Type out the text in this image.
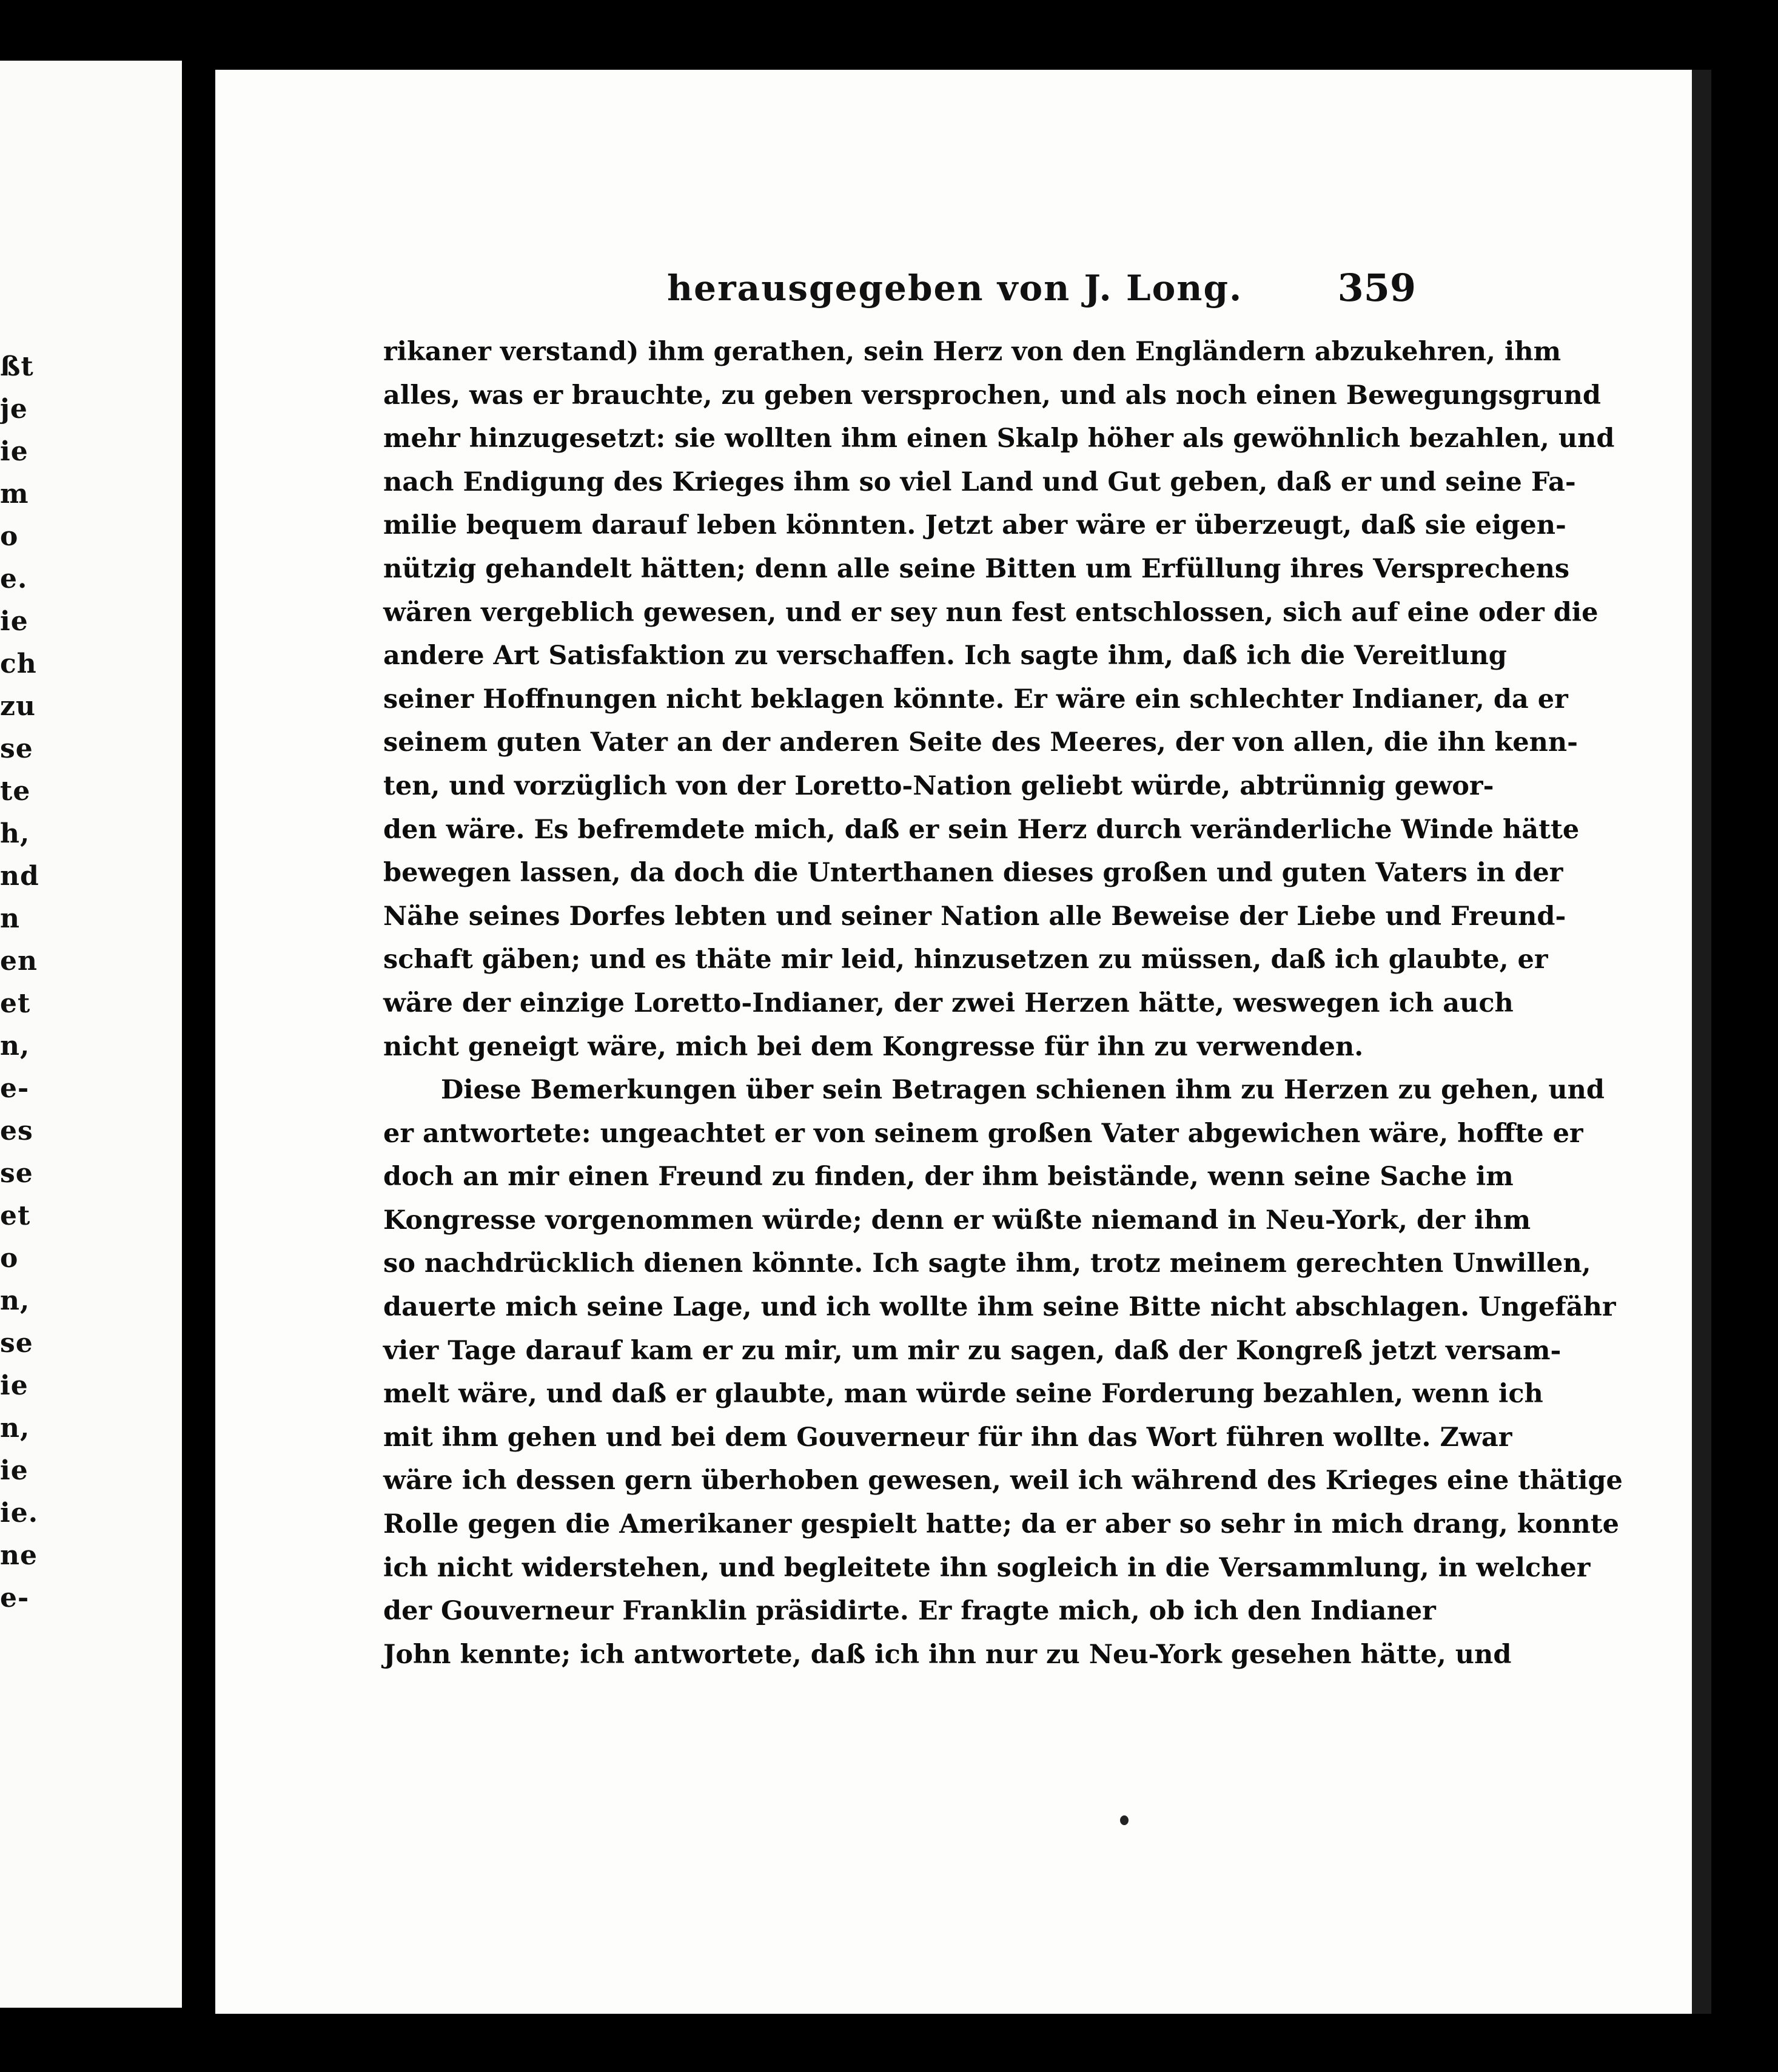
ßt
je
ie
m
o
e.
ie
ch
zu
se
te
h,
nd
n
en
et
n,
e-
es
se
et
o
n,
se
ie
n,
ie
ie.
ne
e-
herausgegeben von J. Long.	359
rikaner verstand) ihm gerathen, sein Herz von den Engländern abzukehren, ihm
alles, was er brauchte, zu geben versprochen, und als noch einen Bewegungsgrund
mehr hinzugesetzt: sie wollten ihm einen Skalp höher als gewöhnlich bezahlen, und
nach Endigung des Krieges ihm so viel Land und Gut geben, daß er und seine Fa-
milie bequem darauf leben könnten. Jetzt aber wäre er überzeugt, daß sie eigen-
nützig gehandelt hätten; denn alle seine Bitten um Erfüllung ihres Versprechens
wären vergeblich gewesen, und er sey nun fest entschlossen, sich auf eine oder die
andere Art Satisfaktion zu verschaffen. Ich sagte ihm, daß ich die Vereitlung
seiner Hoffnungen nicht beklagen könnte. Er wäre ein schlechter Indianer, da er
seinem guten Vater an der anderen Seite des Meeres, der von allen, die ihn kenn-
ten, und vorzüglich von der Loretto-Nation geliebt würde, abtrünnig gewor-
den wäre. Es befremdete mich, daß er sein Herz durch veränderliche Winde hätte
bewegen lassen, da doch die Unterthanen dieses großen und guten Vaters in der
Nähe seines Dorfes lebten und seiner Nation alle Beweise der Liebe und Freund-
schaft gäben; und es thäte mir leid, hinzusetzen zu müssen, daß ich glaubte, er
wäre der einzige Loretto-Indianer, der zwei Herzen hätte, weswegen ich auch
nicht geneigt wäre, mich bei dem Kongresse für ihn zu verwenden.
Diese Bemerkungen über sein Betragen schienen ihm zu Herzen zu gehen, und
er antwortete: ungeachtet er von seinem großen Vater abgewichen wäre, hoffte er
doch an mir einen Freund zu finden, der ihm beistände, wenn seine Sache im
Kongresse vorgenommen würde; denn er wüßte niemand in Neu-York, der ihm
so nachdrücklich dienen könnte. Ich sagte ihm, trotz meinem gerechten Unwillen,
dauerte mich seine Lage, und ich wollte ihm seine Bitte nicht abschlagen. Ungefähr
vier Tage darauf kam er zu mir, um mir zu sagen, daß der Kongreß jetzt versam-
melt wäre, und daß er glaubte, man würde seine Forderung bezahlen, wenn ich
mit ihm gehen und bei dem Gouverneur für ihn das Wort führen wollte. Zwar
wäre ich dessen gern überhoben gewesen, weil ich während des Krieges eine thätige
Rolle gegen die Amerikaner gespielt hatte; da er aber so sehr in mich drang, konnte
ich nicht widerstehen, und begleitete ihn sogleich in die Versammlung, in welcher
der Gouverneur Franklin präsidirte. Er fragte mich, ob ich den Indianer
John kennte; ich antwortete, daß ich ihn nur zu Neu-York gesehen hätte, und
